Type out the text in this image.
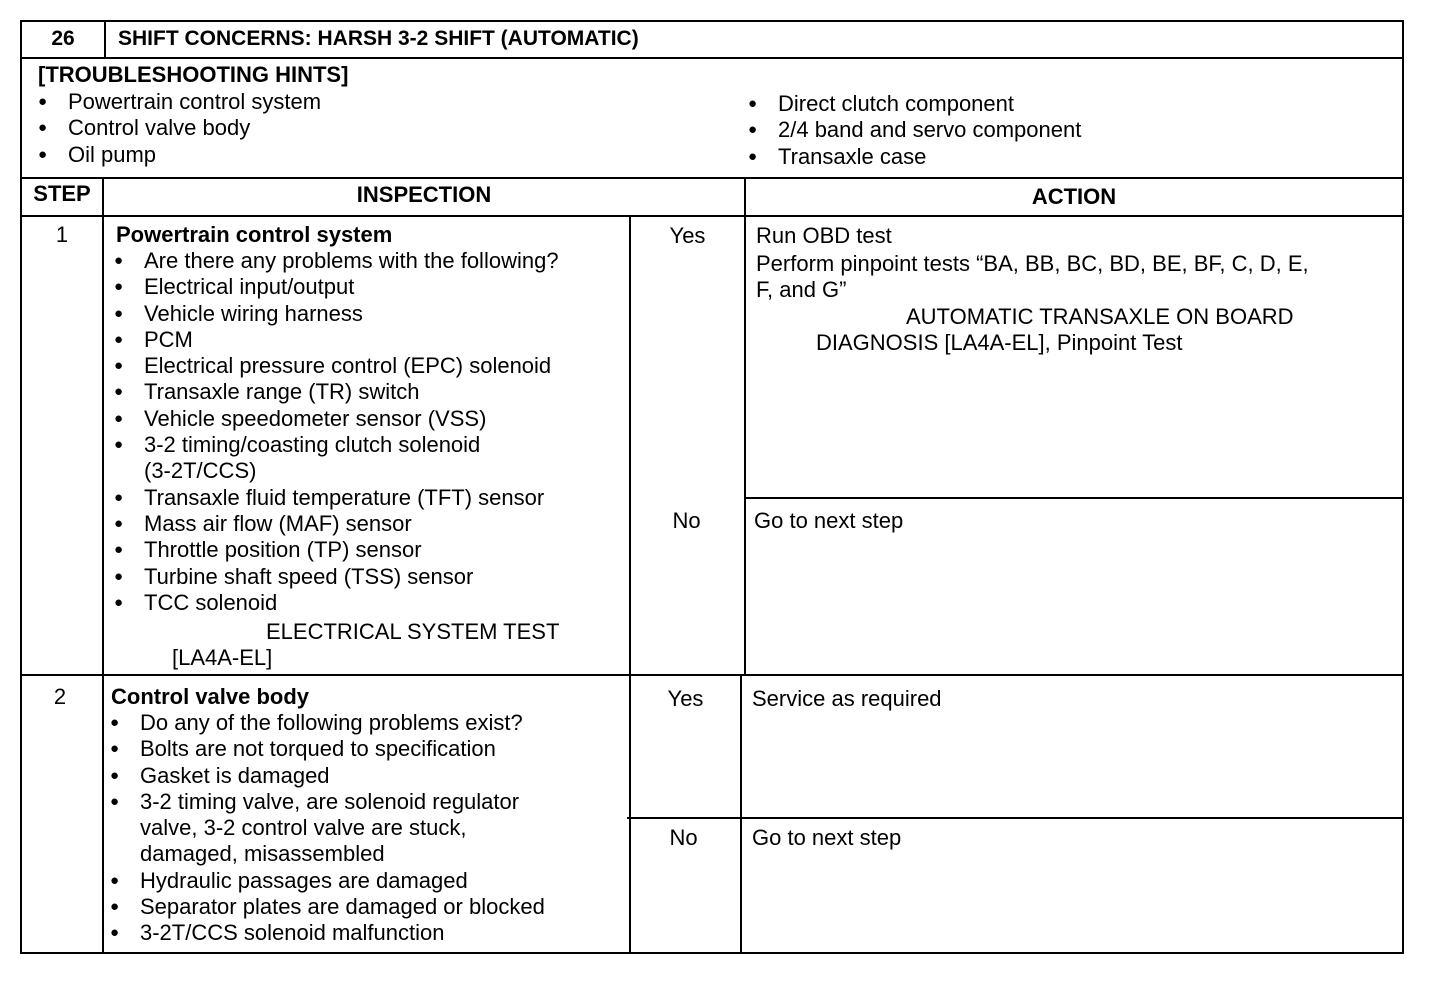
26	SHIFT CONCERNS: HARSH 3-2 SHIFT (AUTOMATIC)
[TROUBLESHOOTING HINTS]
● Powertrain control system
● Control valve body
● Oil pump
● Direct clutch component
● 2/4 band and servo component
● Transaxle case
STEP	INSPECTION	ACTION
1	Powertrain control system
● Are there any problems with the following?
● Electrical input/output
● Vehicle wiring harness
● PCM
● Electrical pressure control (EPC) solenoid
● Transaxle range (TR) switch
● Vehicle speedometer sensor (VSS)
● 3-2 timing/coasting clutch solenoid
(3-2T/CCS)
● Transaxle fluid temperature (TFT) sensor
● Mass air flow (MAF) sensor
● Throttle position (TP) sensor
● Turbine shaft speed (TSS) sensor
● TCC solenoid
ELECTRICAL SYSTEM TEST
[LA4A-EL]
Yes	Run OBD test
Perform pinpoint tests “BA, BB, BC, BD, BE, BF, C, D, E,
F, and G”
AUTOMATIC TRANSAXLE ON BOARD
DIAGNOSIS [LA4A-EL], Pinpoint Test
No	Go to next step
2	Control valve body
● Do any of the following problems exist?
● Bolts are not torqued to specification
● Gasket is damaged
● 3-2 timing valve, are solenoid regulator
valve, 3-2 control valve are stuck,
damaged, misassembled
● Hydraulic passages are damaged
● Separator plates are damaged or blocked
● 3-2T/CCS solenoid malfunction
Yes	Service as required
No	Go to next step
